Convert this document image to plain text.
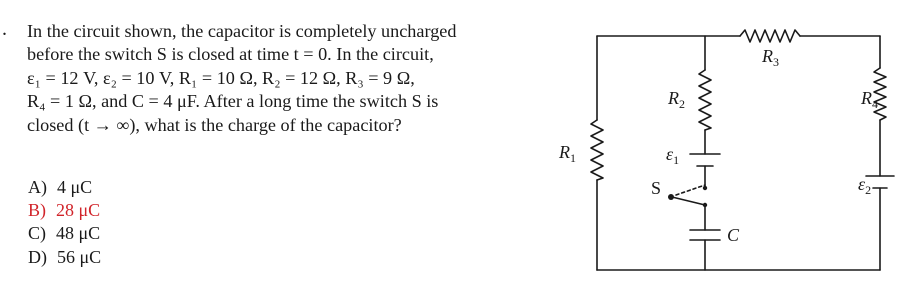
. In the circuit shown, the capacitor is completely uncharged
before the switch S is closed at time t = 0. In the circuit,
ε₁ = 12 V, ε₂ = 10 V, R₁ = 10 Ω, R₂ = 12 Ω, R₃ = 9 Ω,
R₄ = 1 Ω, and C = 4 μF. After a long time the switch S is
closed (t → ∞), what is the charge of the capacitor?
A) 4 μC
B) 28 μC
C) 48 μC
D) 56 μC
$R_1$
$R_2$
$R_3$
$R_4$
$\varepsilon_1$
$\varepsilon_2$
S
C
